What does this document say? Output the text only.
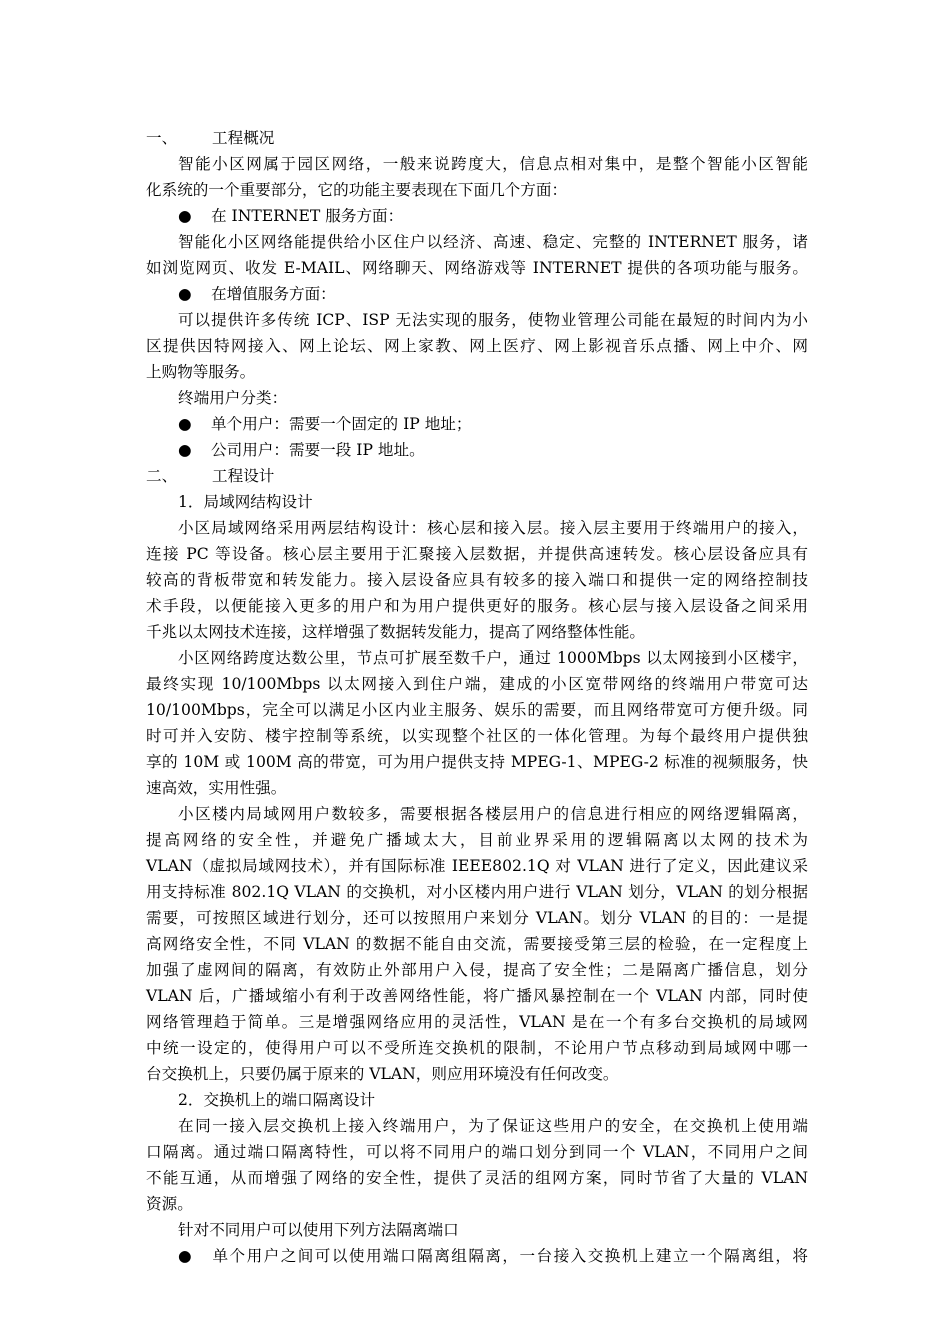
一、 工程概况
智能小区网属于园区网络，一般来说跨度大，信息点相对集中，是整个智能小区智能
化系统的一个重要部分，它的功能主要表现在下面几个方面：
● 在 INTERNET 服务方面：
智能化小区网络能提供给小区住户以经济、高速、稳定、完整的 INTERNET 服务，诸
如浏览网页、收发 E-MAIL、网络聊天、网络游戏等 INTERNET 提供的各项功能与服务。
● 在增值服务方面：
可以提供许多传统 ICP、ISP 无法实现的服务，使物业管理公司能在最短的时间内为小
区提供因特网接入、网上论坛、网上家教、网上医疗、网上影视音乐点播、网上中介、网
上购物等服务。
终端用户分类：
● 单个用户：需要一个固定的 IP 地址；
● 公司用户：需要一段 IP 地址。
二、 工程设计
1．局域网结构设计
小区局域网络采用两层结构设计：核心层和接入层。接入层主要用于终端用户的接入，
连接 PC 等设备。核心层主要用于汇聚接入层数据，并提供高速转发。核心层设备应具有
较高的背板带宽和转发能力。接入层设备应具有较多的接入端口和提供一定的网络控制技
术手段，以便能接入更多的用户和为用户提供更好的服务。核心层与接入层设备之间采用
千兆以太网技术连接，这样增强了数据转发能力，提高了网络整体性能。
小区网络跨度达数公里，节点可扩展至数千户，通过 1000Mbps 以太网接到小区楼宇，
最终实现 10/100Mbps 以太网接入到住户端，建成的小区宽带网络的终端用户带宽可达
10/100Mbps，完全可以满足小区内业主服务、娱乐的需要，而且网络带宽可方便升级。同
时可并入安防、楼宇控制等系统，以实现整个社区的一体化管理。为每个最终用户提供独
享的 10M 或 100M 高的带宽，可为用户提供支持 MPEG-1、MPEG-2 标准的视频服务，快
速高效，实用性强。
小区楼内局域网用户数较多，需要根据各楼层用户的信息进行相应的网络逻辑隔离，
提高网络的安全性，并避免广播域太大，目前业界采用的逻辑隔离以太网的技术为
VLAN（虚拟局域网技术），并有国际标准 IEEE802.1Q 对 VLAN 进行了定义，因此建议采
用支持标准 802.1Q VLAN 的交换机，对小区楼内用户进行 VLAN 划分，VLAN 的划分根据
需要，可按照区域进行划分，还可以按照用户来划分 VLAN。划分 VLAN 的目的：一是提
高网络安全性，不同 VLAN 的数据不能自由交流，需要接受第三层的检验，在一定程度上
加强了虚网间的隔离，有效防止外部用户入侵，提高了安全性；二是隔离广播信息，划分
VLAN 后，广播域缩小有利于改善网络性能，将广播风暴控制在一个 VLAN 内部，同时使
网络管理趋于简单。三是增强网络应用的灵活性，VLAN 是在一个有多台交换机的局域网
中统一设定的，使得用户可以不受所连交换机的限制，不论用户节点移动到局域网中哪一
台交换机上，只要仍属于原来的 VLAN，则应用环境没有任何改变。
2．交换机上的端口隔离设计
在同一接入层交换机上接入终端用户，为了保证这些用户的安全，在交换机上使用端
口隔离。通过端口隔离特性，可以将不同用户的端口划分到同一个 VLAN，不同用户之间
不能互通，从而增强了网络的安全性，提供了灵活的组网方案，同时节省了大量的 VLAN
资源。
针对不同用户可以使用下列方法隔离端口
● 单个用户之间可以使用端口隔离组隔离，一台接入交换机上建立一个隔离组，将
